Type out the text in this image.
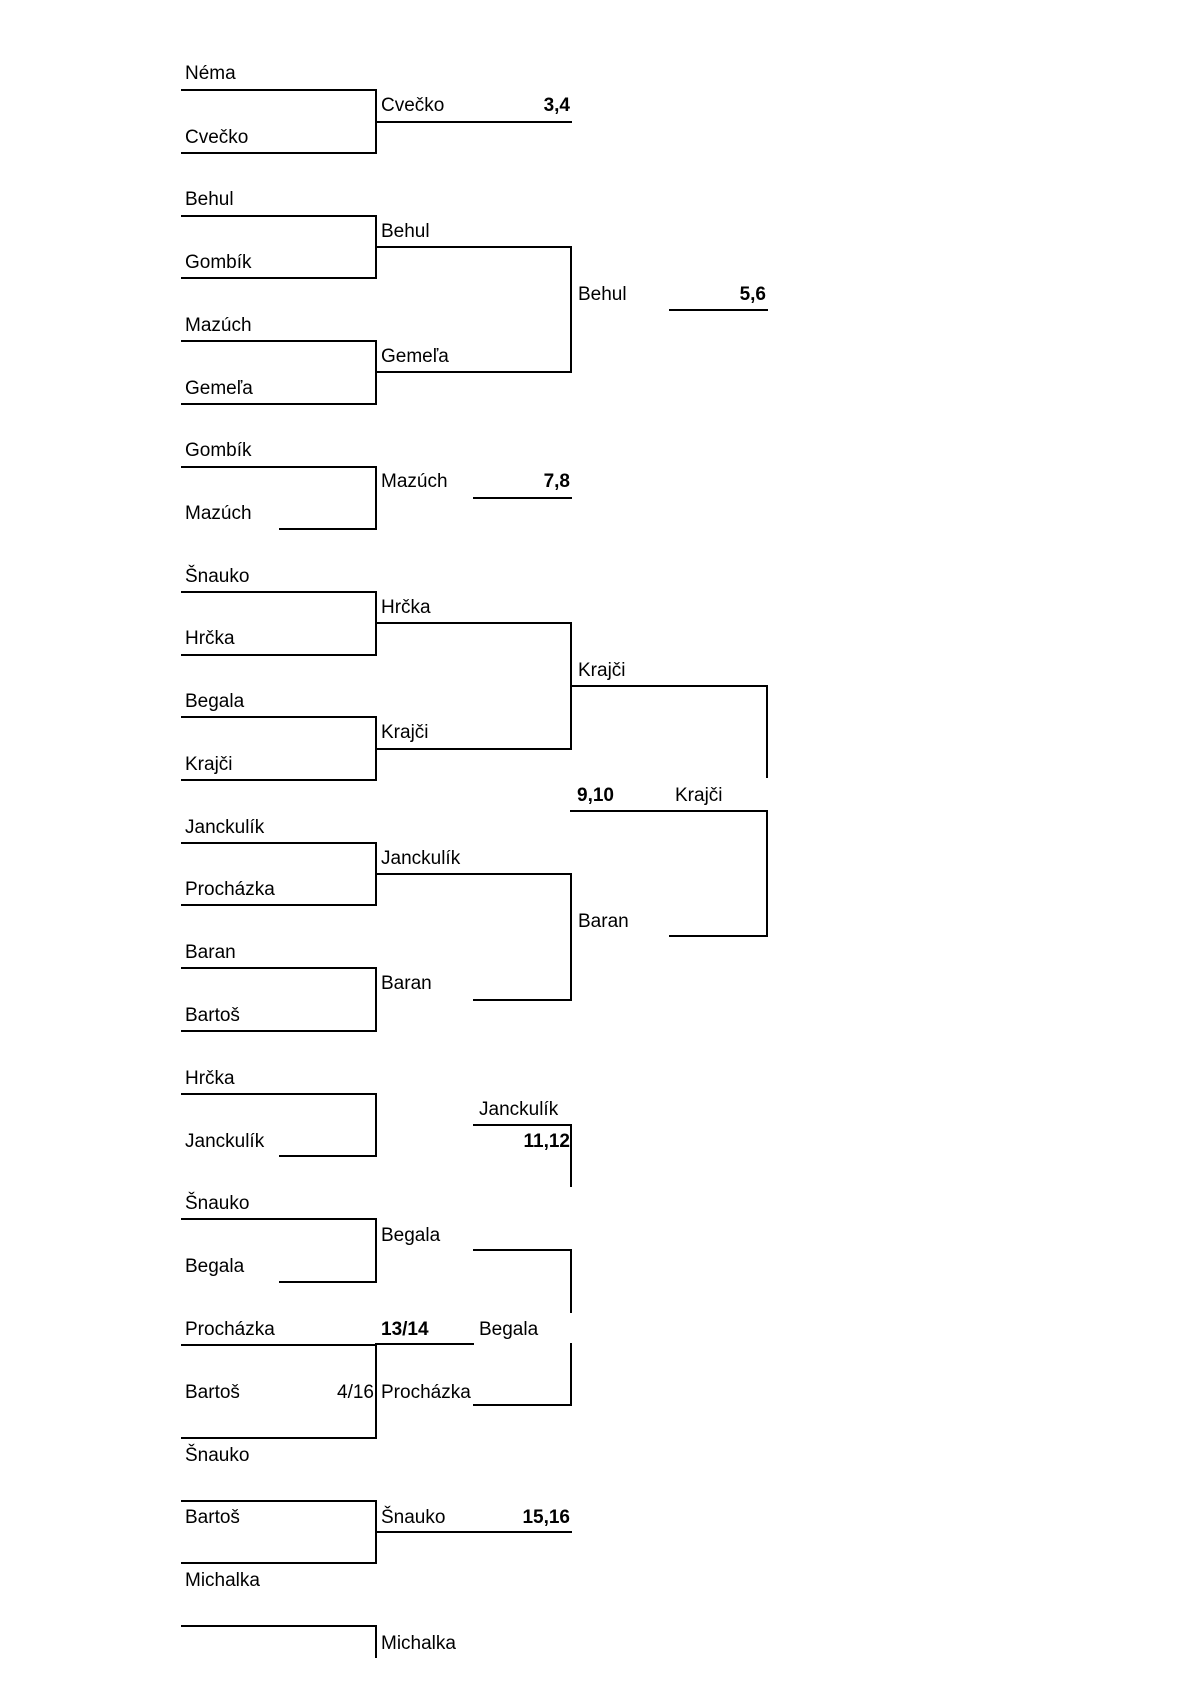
Néma
Cvečko
Behul
Gombík
Mazúch
Gemeľa
Gombík
Mazúch
Šnauko
Hrčka
Begala
Krajči
Janckulík
Procházka
Baran
Bartoš
Hrčka
Janckulík
Šnauko
Begala
Procházka
Bartoš
Šnauko
Bartoš
Michalka
Cvečko
Behul
Gemeľa
Mazúch
Hrčka
Krajči
Janckulík
Baran
Begala
Procházka
Šnauko
Michalka
Behul
Krajči
Baran
Janckulík
Begala
Krajči
3,4
5,6
7,8
9,10
11,12
13/14
4/16
15,16
